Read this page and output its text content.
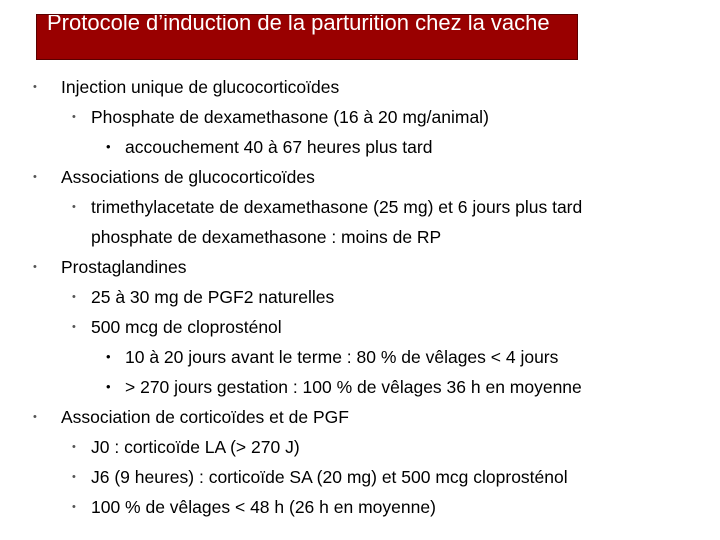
Protocole d’induction de la parturition chez la vache
• Injection unique de glucocorticoïdes
• Phosphate de dexamethasone (16 à 20 mg/animal)
• accouchement 40 à 67 heures plus tard
• Associations de glucocorticoïdes
• trimethylacetate de dexamethasone (25 mg) et 6 jours plus tard
phosphate de dexamethasone : moins de RP
• Prostaglandines
• 25 à 30 mg de PGF2 naturelles
• 500 mcg de cloprosténol
• 10 à 20 jours avant le terme : 80 % de vêlages < 4 jours
• > 270 jours gestation : 100 % de vêlages 36 h en moyenne
• Association de corticoïdes et de PGF
• J0 : corticoïde LA (> 270 J)
• J6 (9 heures) : corticoïde SA (20 mg) et 500 mcg cloprosténol
• 100 % de vêlages < 48 h (26 h en moyenne)
